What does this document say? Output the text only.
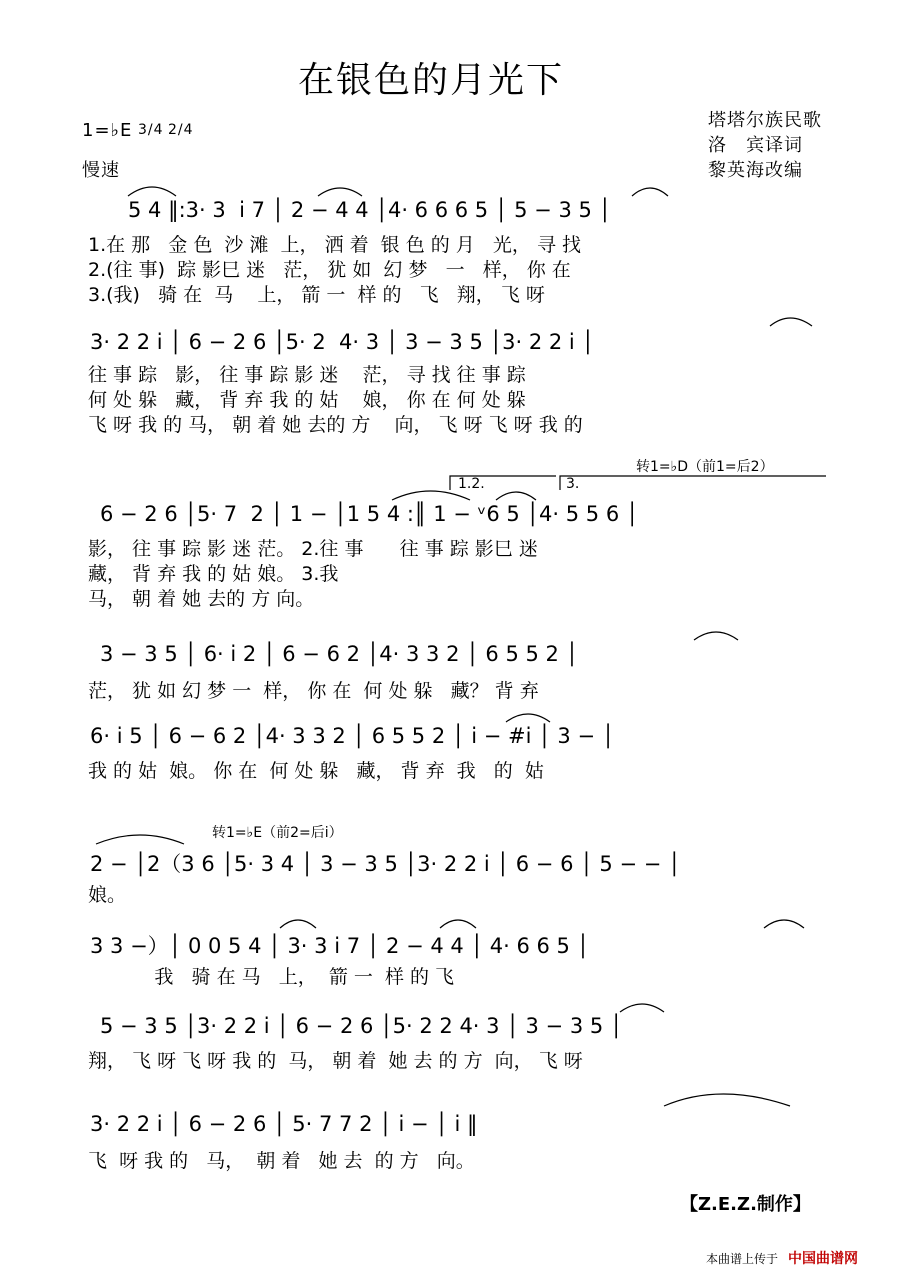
在银色的月光下
1=♭E 3/4 2/4
慢速
塔塔尔族民歌
洛　宾译词
黎英海改编
5 4 ‖:3· 3  i 7 │ 2 − 4 4 │4· 6 6 6 5 │ 5 − 3 5 │
1.在 那   金 色  沙 滩  上， 洒 着  银 色 的 月   光， 寻 找
2.(往 事)  踪 影巳 迷   茫， 犹 如  幻 梦   一   样， 你 在
3.(我)   骑 在  马    上， 箭 一  样 的   飞   翔， 飞 呀
3· 2 2 i │ 6 − 2 6 │5· 2  4· 3 │ 3 − 3 5 │3· 2 2 i │
往 事 踪   影， 往 事 踪 影 迷    茫， 寻 找 往 事 踪
何 处 躲   藏， 背 弃 我 的 姑    娘， 你 在 何 处 躲
飞 呀 我 的 马， 朝 着 她 去的 方    向， 飞 呀 飞 呀 我 的
转1=♭D（前1=后2）
1.2.	3.
6 − 2 6 │5· 7  2 │ 1 − │1 5 4 :║ 1 − ᵛ6 5 │4· 5 5 6 │
影， 往 事 踪 影 迷 茫。 2.往 事      往 事 踪 影巳 迷
藏， 背 弃 我 的 姑 娘。 3.我
马， 朝 着 她 去的 方 向。
3 − 3 5 │ 6· i 2 │ 6 − 6 2 │4· 3 3 2 │ 6 5 5 2 │
茫， 犹 如 幻 梦 一  样， 你 在  何 处 躲   藏？ 背 弃
6· i 5 │ 6 − 6 2 │4· 3 3 2 │ 6 5 5 2 │ i − #i │ 3 − │
我 的 姑  娘。 你 在  何 处 躲   藏， 背 弃  我   的  姑
转1=♭E（前2=后i）
2 − │2（3 6 │5· 3 4 │ 3 − 3 5 │3· 2 2 i │ 6 − 6 │ 5 − − │
娘。
3 3 −）│ 0 0 5 4 │ 3· 3 i 7 │ 2 − 4 4 │ 4· 6 6 5 │
我   骑 在 马   上，  箭 一  样 的 飞
5 − 3 5 │3· 2 2 i │ 6 − 2 6 │5· 2 2 4· 3 │ 3 − 3 5 │
翔， 飞 呀 飞 呀 我 的  马， 朝 着  她 去 的 方  向， 飞 呀
3· 2 2 i │ 6 − 2 6 │ 5· 7 7 2 │ i − │ i ‖
飞  呀 我 的   马，  朝 着   她 去  的 方   向。
【Z.E.Z.制作】
本曲谱上传于 中国曲谱网
